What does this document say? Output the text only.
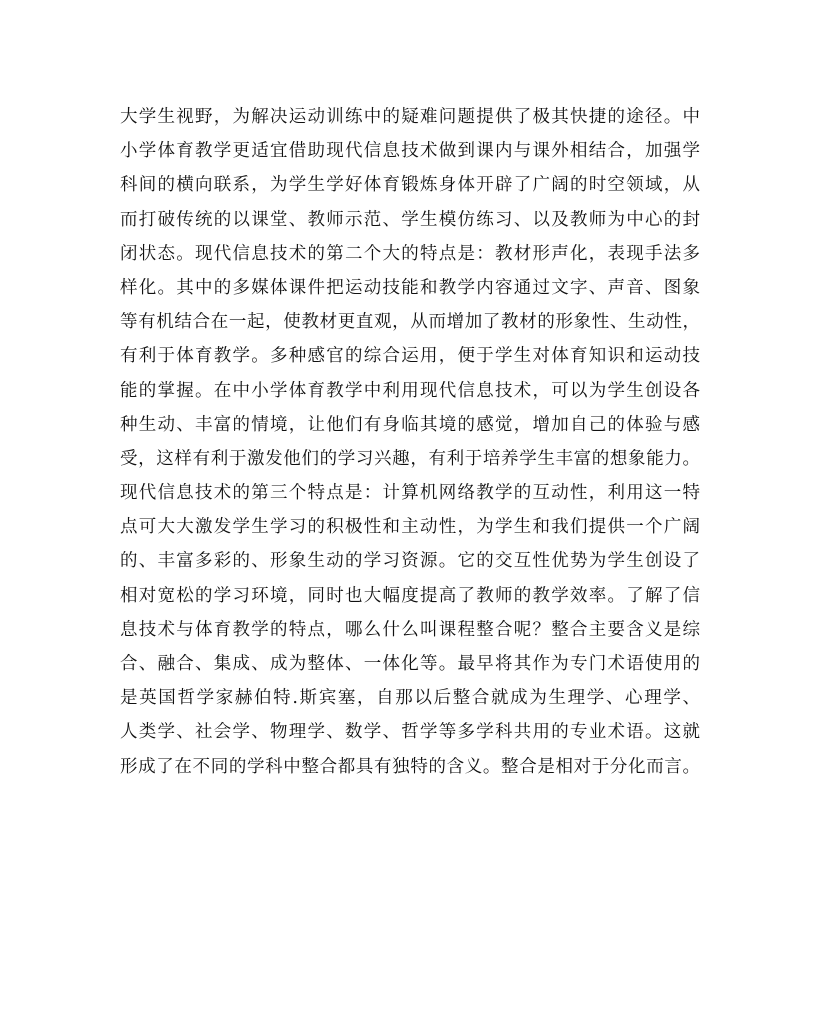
大学生视野，为解决运动训练中的疑难问题提供了极其快捷的途径。中
小学体育教学更适宜借助现代信息技术做到课内与课外相结合，加强学
科间的横向联系，为学生学好体育锻炼身体开辟了广阔的时空领域，从
而打破传统的以课堂、教师示范、学生模仿练习、以及教师为中心的封
闭状态。现代信息技术的第二个大的特点是：教材形声化，表现手法多
样化。其中的多媒体课件把运动技能和教学内容通过文字、声音、图象
等有机结合在一起，使教材更直观，从而增加了教材的形象性、生动性，
有利于体育教学。多种感官的综合运用，便于学生对体育知识和运动技
能的掌握。在中小学体育教学中利用现代信息技术，可以为学生创设各
种生动、丰富的情境，让他们有身临其境的感觉，增加自己的体验与感
受，这样有利于激发他们的学习兴趣，有利于培养学生丰富的想象能力。
现代信息技术的第三个特点是：计算机网络教学的互动性，利用这一特
点可大大激发学生学习的积极性和主动性，为学生和我们提供一个广阔
的、丰富多彩的、形象生动的学习资源。它的交互性优势为学生创设了
相对宽松的学习环境，同时也大幅度提高了教师的教学效率。了解了信
息技术与体育教学的特点，哪么什么叫课程整合呢？整合主要含义是综
合、融合、集成、成为整体、一体化等。最早将其作为专门术语使用的
是英国哲学家赫伯特.斯宾塞，自那以后整合就成为生理学、心理学、
人类学、社会学、物理学、数学、哲学等多学科共用的专业术语。这就
形成了在不同的学科中整合都具有独特的含义。整合是相对于分化而言。
